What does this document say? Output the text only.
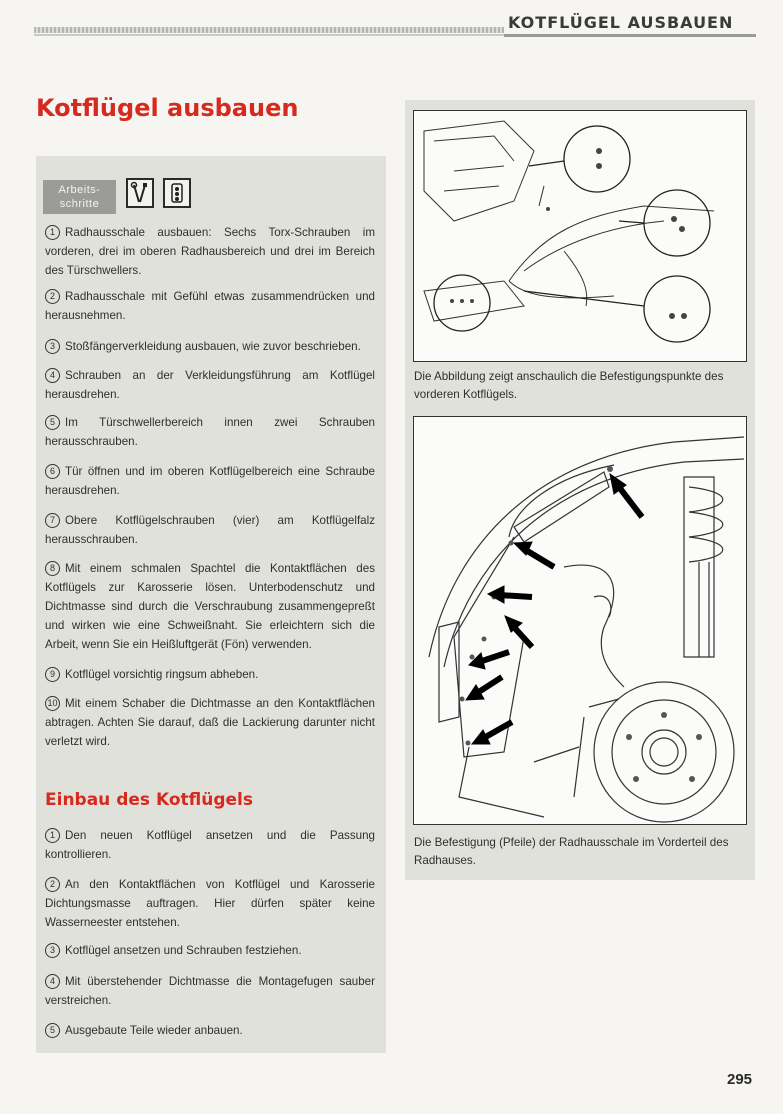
KOTFLÜGEL AUSBAUEN
Kotflügel ausbauen
Arbeits-
schritte
1 Radhausschale ausbauen: Sechs Torx-Schrauben im vorderen, drei im oberen Radhausbereich und drei im Bereich des Türschwellers.
2 Radhausschale mit Gefühl etwas zusammendrücken und herausnehmen.
3 Stoßfängerverkleidung ausbauen, wie zuvor beschrieben.
4 Schrauben an der Verkleidungsführung am Kotflügel herausdrehen.
5 Im Türschwellerbereich innen zwei Schrauben herausschrauben.
6 Tür öffnen und im oberen Kotflügelbereich eine Schraube herausdrehen.
7 Obere Kotflügelschrauben (vier) am Kotflügelfalz herausschrauben.
8 Mit einem schmalen Spachtel die Kontaktflächen des Kotflügels zur Karosserie lösen. Unterbodenschutz und Dichtmasse sind durch die Verschraubung zusammengepreßt und wirken wie eine Schweißnaht. Sie erleichtern sich die Arbeit, wenn Sie ein Heißluftgerät (Fön) verwenden.
9 Kotflügel vorsichtig ringsum abheben.
10 Mit einem Schaber die Dichtmasse an den Kontaktflächen abtragen. Achten Sie darauf, daß die Lackierung darunter nicht verletzt wird.
Einbau des Kotflügels
1 Den neuen Kotflügel ansetzen und die Passung kontrollieren.
2 An den Kontaktflächen von Kotflügel und Karosserie Dichtungsmasse auftragen. Hier dürfen später keine Wasserneester entstehen.
3 Kotflügel ansetzen und Schrauben festziehen.
4 Mit überstehender Dichtmasse die Montagefugen sauber verstreichen.
5 Ausgebaute Teile wieder anbauen.
Die Abbildung zeigt anschaulich die Befestigungspunkte des vorderen Kotflügels.
Die Befestigung (Pfeile) der Radhausschale im Vorderteil des Radhauses.
295
